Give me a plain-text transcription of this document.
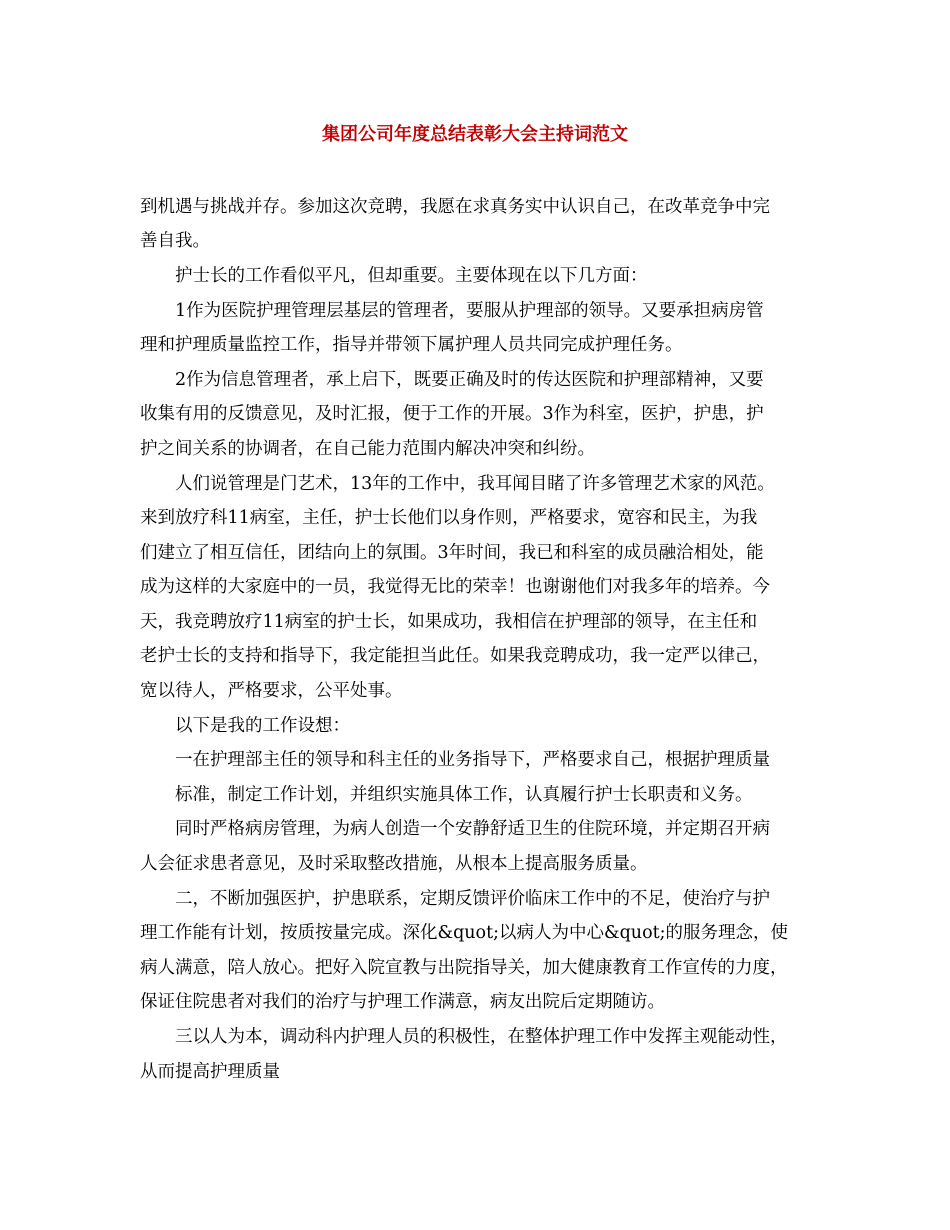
集团公司年度总结表彰大会主持词范文
到机遇与挑战并存。参加这次竞聘，我愿在求真务实中认识自己，在改革竞争中完
善自我。
护士长的工作看似平凡，但却重要。主要体现在以下几方面：
1作为医院护理管理层基层的管理者，要服从护理部的领导。又要承担病房管
理和护理质量监控工作，指导并带领下属护理人员共同完成护理任务。
2作为信息管理者，承上启下，既要正确及时的传达医院和护理部精神，又要
收集有用的反馈意见，及时汇报，便于工作的开展。3作为科室，医护，护患，护
护之间关系的协调者，在自己能力范围内解决冲突和纠纷。
人们说管理是门艺术，13年的工作中，我耳闻目睹了许多管理艺术家的风范。
来到放疗科11病室，主任，护士长他们以身作则，严格要求，宽容和民主，为我
们建立了相互信任，团结向上的氛围。3年时间，我已和科室的成员融洽相处，能
成为这样的大家庭中的一员，我觉得无比的荣幸！也谢谢他们对我多年的培养。今
天，我竞聘放疗11病室的护士长，如果成功，我相信在护理部的领导，在主任和
老护士长的支持和指导下，我定能担当此任。如果我竞聘成功，我一定严以律己，
宽以待人，严格要求，公平处事。
以下是我的工作设想：
一在护理部主任的领导和科主任的业务指导下，严格要求自己，根据护理质量
标准，制定工作计划，并组织实施具体工作，认真履行护士长职责和义务。
同时严格病房管理，为病人创造一个安静舒适卫生的住院环境，并定期召开病
人会征求患者意见，及时采取整改措施，从根本上提高服务质量。
二，不断加强医护，护患联系，定期反馈评价临床工作中的不足，使治疗与护
理工作能有计划，按质按量完成。深化&quot;以病人为中心&quot;的服务理念，使
病人满意，陪人放心。把好入院宣教与出院指导关，加大健康教育工作宣传的力度，
保证住院患者对我们的治疗与护理工作满意，病友出院后定期随访。
三以人为本，调动科内护理人员的积极性，在整体护理工作中发挥主观能动性，
从而提高护理质量
